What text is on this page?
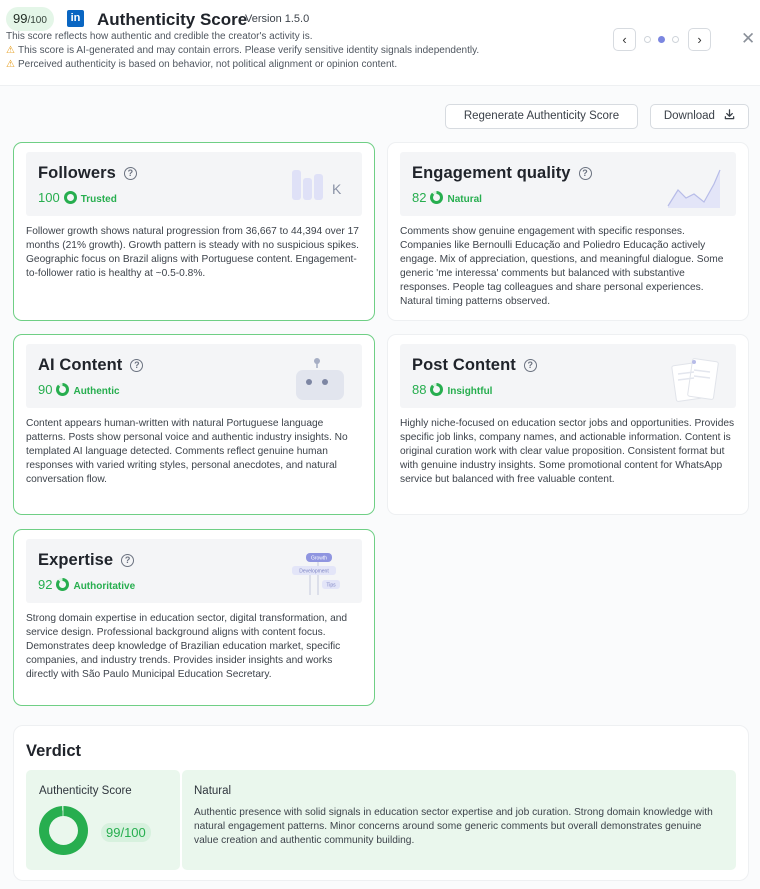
99/100	in Authenticity Score
Version 1.5.0
This score reflects how authentic and credible the creator's activity is.
⚠ This score is AI-generated and may contain errors. Please verify sensitive identity signals independently.
⚠ Perceived authenticity is based on behavior, not political alignment or opinion content.
‹	›	✕
Regenerate Authenticity Score	Download
Followers ?
100 Trusted
K
Follower growth shows natural progression from 36,667 to 44,394 over 17 months (21% growth). Growth pattern is steady with no suspicious spikes. Geographic focus on Brazil aligns with Portuguese content. Engagement-to-follower ratio is healthy at ~0.5-0.8%.
Engagement quality ?
82 Natural
Comments show genuine engagement with specific responses. Companies like Bernoulli Educação and Poliedro Educação actively engage. Mix of appreciation, questions, and meaningful dialogue. Some generic 'me interessa' comments but balanced with substantive responses. People tag colleagues and share personal experiences. Natural timing patterns observed.
AI Content ?
90 Authentic
Content appears human-written with natural Portuguese language patterns. Posts show personal voice and authentic industry insights. No templated AI language detected. Comments reflect genuine human responses with varied writing styles, personal anecdotes, and natural conversation flow.
Post Content ?
88 Insightful
Highly niche-focused on education sector jobs and opportunities. Provides specific job links, company names, and actionable information. Content is original curation work with clear value proposition. Consistent format but with genuine industry insights. Some promotional content for WhatsApp service but balanced with free valuable content.
Expertise ?
92 Authoritative
Growth
Development
Tips
Strong domain expertise in education sector, digital transformation, and service design. Professional background aligns with content focus. Demonstrates deep knowledge of Brazilian education market, specific companies, and industry trends. Provides insider insights and works directly with São Paulo Municipal Education Secretary.
Verdict
Authenticity Score
99/100
Natural
Authentic presence with solid signals in education sector expertise and job curation. Strong domain knowledge with natural engagement patterns. Minor concerns around some generic comments but overall demonstrates genuine value creation and authentic community building.
